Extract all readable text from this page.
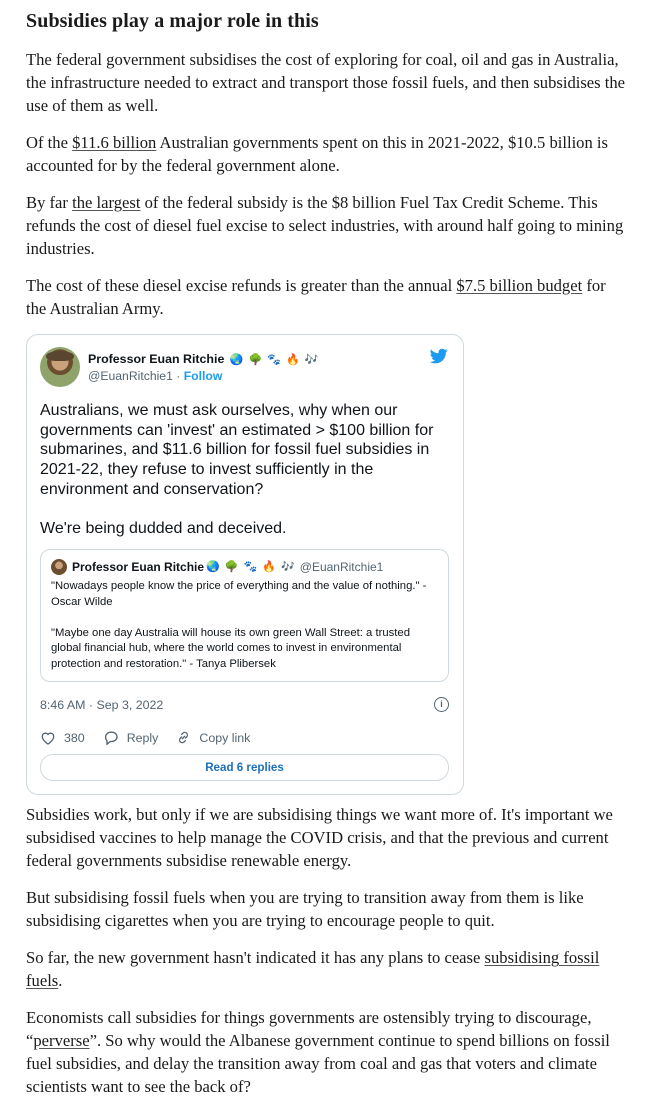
Subsidies play a major role in this

The federal government subsidises the cost of exploring for coal, oil and gas in Australia, the infrastructure needed to extract and transport those fossil fuels, and then subsidises the use of them as well.

Of the $11.6 billion Australian governments spent on this in 2021-2022, $10.5 billion is accounted for by the federal government alone.

By far the largest of the federal subsidy is the $8 billion Fuel Tax Credit Scheme. This refunds the cost of diesel fuel excise to select industries, with around half going to mining industries.

The cost of these diesel excise refunds is greater than the annual $7.5 billion budget for the Australian Army.

Professor Euan Ritchie 🌏 🌳 🐾 🔥 🎶
@EuanRitchie1 · Follow
Australians, we must ask ourselves, why when our governments can 'invest' an estimated > $100 billion for submarines, and $11.6 billion for fossil fuel subsidies in 2021-22, they refuse to invest sufficiently in the environment and conservation?

We're being dudded and deceived.
Professor Euan Ritchie 🌏 🌳 🐾 🔥 🎶 @EuanRitchie1
"Nowadays people know the price of everything and the value of nothing." - Oscar Wilde

"Maybe one day Australia will house its own green Wall Street: a trusted global financial hub, where the world comes to invest in environmental protection and restoration." - Tanya Plibersek
8:46 AM · Sep 3, 2022	i
380	Reply	Copy link
Read 6 replies

Subsidies work, but only if we are subsidising things we want more of. It's important we subsidised vaccines to help manage the COVID crisis, and that the previous and current federal governments subsidise renewable energy.

But subsidising fossil fuels when you are trying to transition away from them is like subsidising cigarettes when you are trying to encourage people to quit.

So far, the new government hasn't indicated it has any plans to cease subsidising fossil fuels.

Economists call subsidies for things governments are ostensibly trying to discourage, “perverse”. So why would the Albanese government continue to spend billions on fossil fuel subsidies, and delay the transition away from coal and gas that voters and climate scientists want to see the back of?
